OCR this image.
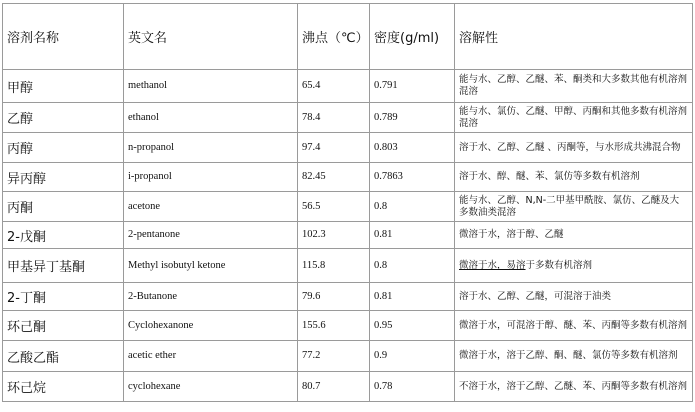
溶剂名称	英文名	沸点（℃）	密度(g/ml)	溶解性
甲醇	methanol	65.4	0.791	能与水、乙醇、乙醚、苯、酮类和大多数其他有机溶剂混溶
乙醇	ethanol	78.4	0.789	能与水、氯仿、乙醚、甲醇、丙酮和其他多数有机溶剂混溶
丙醇	n-propanol	97.4	0.803	溶于水、乙醇、乙醚 、丙酮等，与水形成共沸混合物
异丙醇	i-propanol	82.45	0.7863	溶于水、醇、醚、苯、氯仿等多数有机溶剂
丙酮	acetone	56.5	0.8	能与水、乙醇、N,N-二甲基甲酰胺、氯仿、乙醚及大多数油类混溶
2-戊酮	2-pentanone	102.3	0.81	微溶于水，溶于醇、乙醚
甲基异丁基酮	Methyl isobutyl ketone	115.8	0.8	微溶于水，易溶于多数有机溶剂
2-丁酮	2-Butanone	79.6	0.81	溶于水、乙醇、乙醚，可混溶于油类
环己酮	Cyclohexanone	155.6	0.95	微溶于水，可混溶于醇、醚、苯、丙酮等多数有机溶剂
乙酸乙酯	acetic ether	77.2	0.9	微溶于水，溶于乙醇、酮、醚、氯仿等多数有机溶剂
环己烷	cyclohexane	80.7	0.78	不溶于水，溶于乙醇、乙醚、苯、丙酮等多数有机溶剂
